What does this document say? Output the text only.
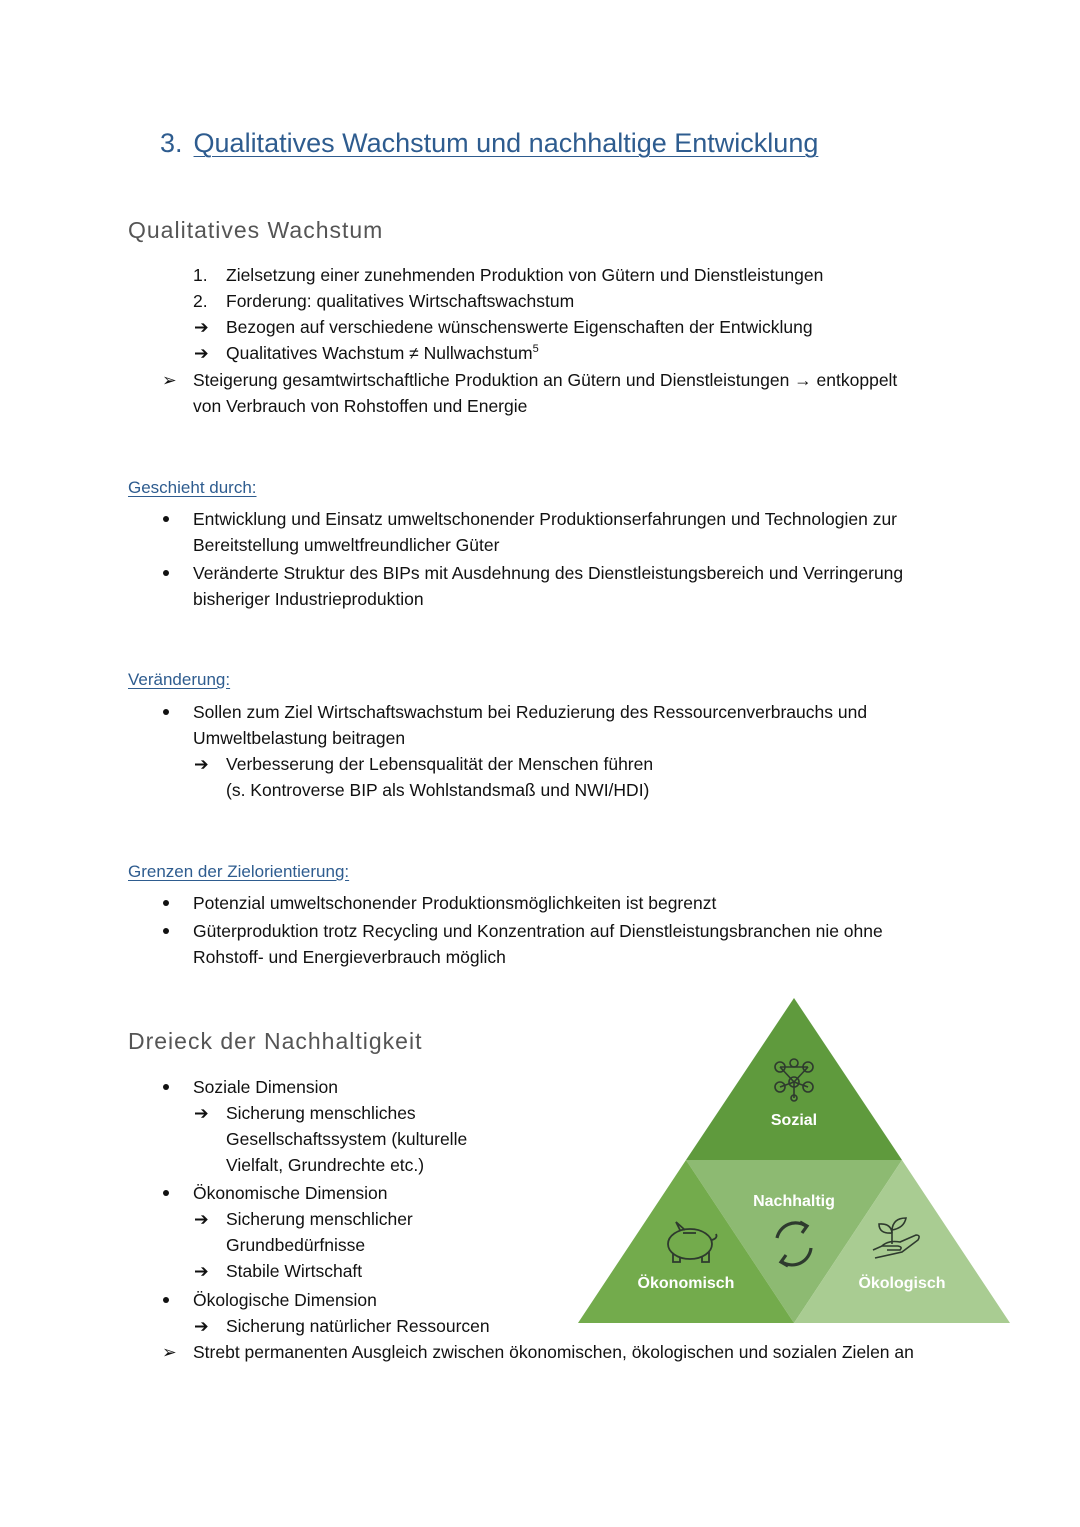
3. Qualitatives Wachstum und nachhaltige Entwicklung
Qualitatives Wachstum
1. Zielsetzung einer zunehmenden Produktion von Gütern und Dienstleistungen
2. Forderung: qualitatives Wirtschaftswachstum
➔ Bezogen auf verschiedene wünschenswerte Eigenschaften der Entwicklung
➔ Qualitatives Wachstum ≠ Nullwachstum$^5$
➢ Steigerung gesamtwirtschaftliche Produktion an Gütern und Dienstleistungen → entkoppelt
von Verbrauch von Rohstoffen und Energie
Geschieht durch:
Entwicklung und Einsatz umweltschonender Produktionserfahrungen und Technologien zur
Bereitstellung umweltfreundlicher Güter
Veränderte Struktur des BIPs mit Ausdehnung des Dienstleistungsbereich und Verringerung
bisheriger Industrieproduktion
Veränderung:
Sollen zum Ziel Wirtschaftswachstum bei Reduzierung des Ressourcenverbrauchs und
Umweltbelastung beitragen
➔ Verbesserung der Lebensqualität der Menschen führen
(s. Kontroverse BIP als Wohlstandsmaß und NWI/HDI)
Grenzen der Zielorientierung:
Potenzial umweltschonender Produktionsmöglichkeiten ist begrenzt
Güterproduktion trotz Recycling und Konzentration auf Dienstleistungsbranchen nie ohne
Rohstoff- und Energieverbrauch möglich
Dreieck der Nachhaltigkeit
Soziale Dimension
➔ Sicherung menschliches
Gesellschaftssystem (kulturelle
Vielfalt, Grundrechte etc.)
Ökonomische Dimension
➔ Sicherung menschlicher
Grundbedürfnisse
➔ Stabile Wirtschaft
Ökologische Dimension
➔ Sicherung natürlicher Ressourcen
➢ Strebt permanenten Ausgleich zwischen ökonomischen, ökologischen und sozialen Zielen an
Sozial
Nachhaltig
Ökonomisch	Ökologisch
